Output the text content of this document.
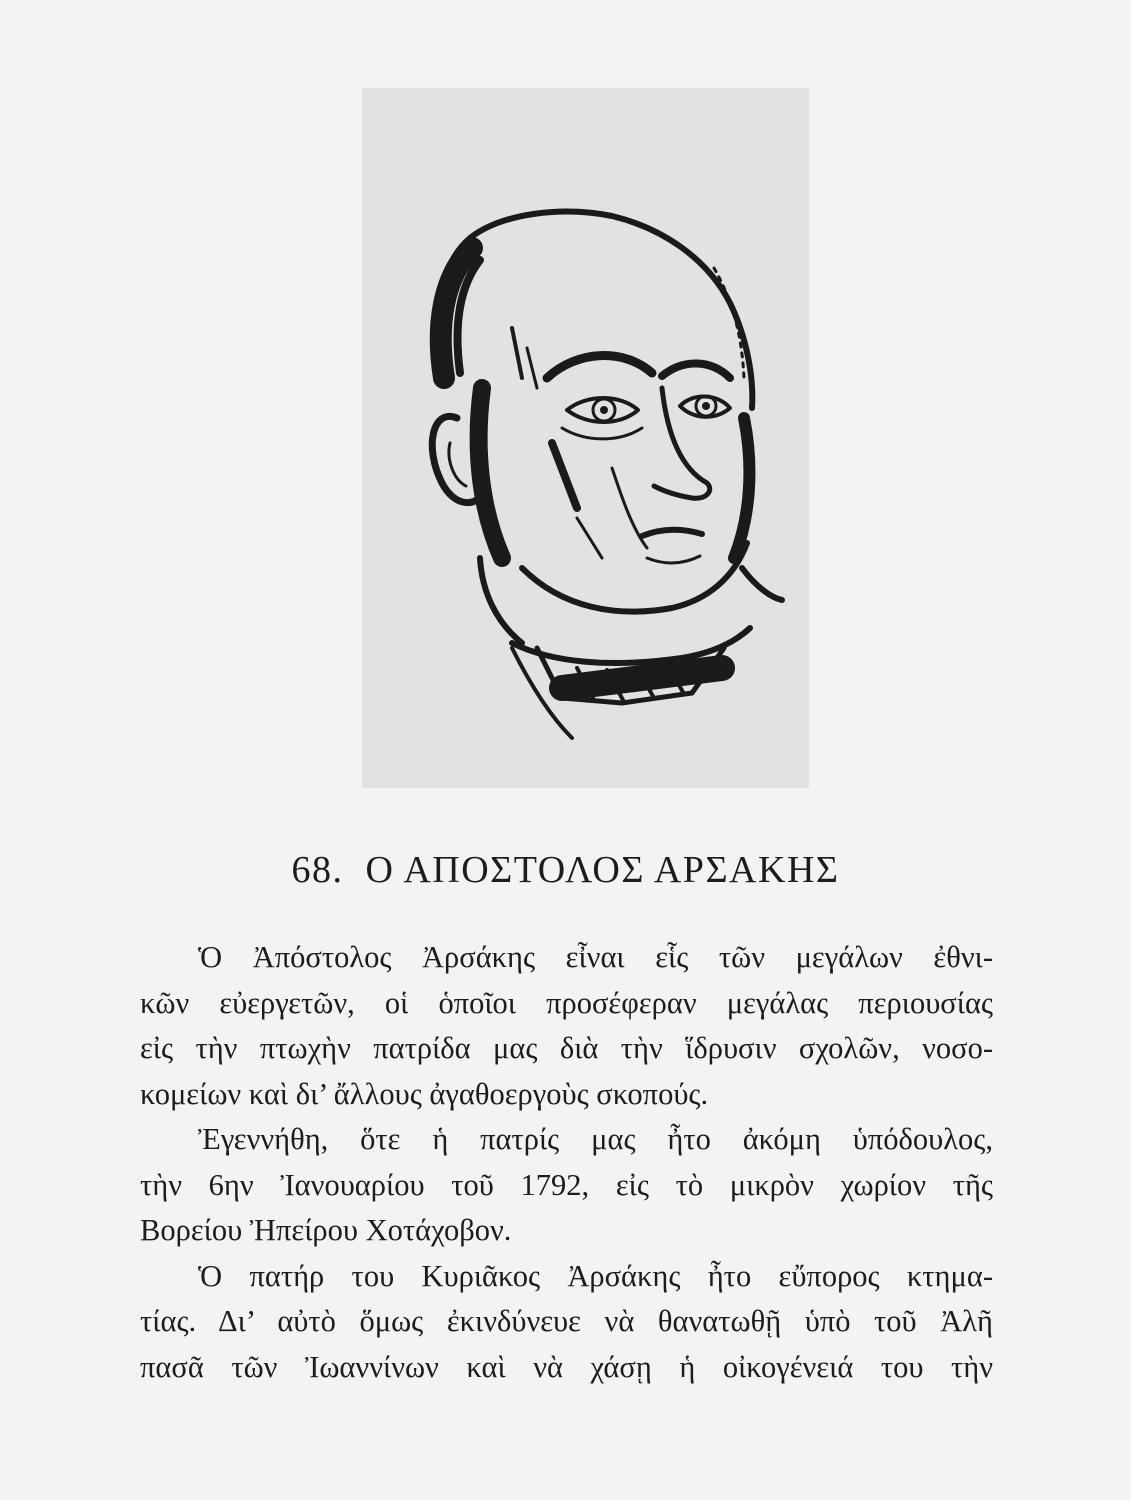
68. Ο ΑΠΟΣΤΟΛΟΣ ΑΡΣΑΚΗΣ
Ὁ Ἀπόστολος Ἀρσάκης εἶναι εἷς τῶν μεγάλων ἐθνι-
κῶν εὐεργετῶν, οἱ ὁποῖοι προσέφεραν μεγάλας περιουσίας
εἰς τὴν πτωχὴν πατρίδα μας διὰ τὴν ἵδρυσιν σχολῶν, νοσο-
κομείων καὶ δι’ ἄλλους ἀγαθοεργοὺς σκοπούς.
Ἐγεννήθη, ὅτε ἡ πατρίς μας ἦτο ἀκόμη ὑπόδουλος,
τὴν 6ην Ἰανουαρίου τοῦ 1792, εἰς τὸ μικρὸν χωρίον τῆς
Βορείου Ἠπείρου Χοτάχοβον.
Ὁ πατήρ του Κυριᾶκος Ἀρσάκης ἦτο εὔπορος κτημα-
τίας. Δι’ αὐτὸ ὅμως ἐκινδύνευε νὰ θανατωθῇ ὑπὸ τοῦ Ἀλῆ
πασᾶ τῶν Ἰωαννίνων καὶ νὰ χάσῃ ἡ οἰκογένειά του τὴν
